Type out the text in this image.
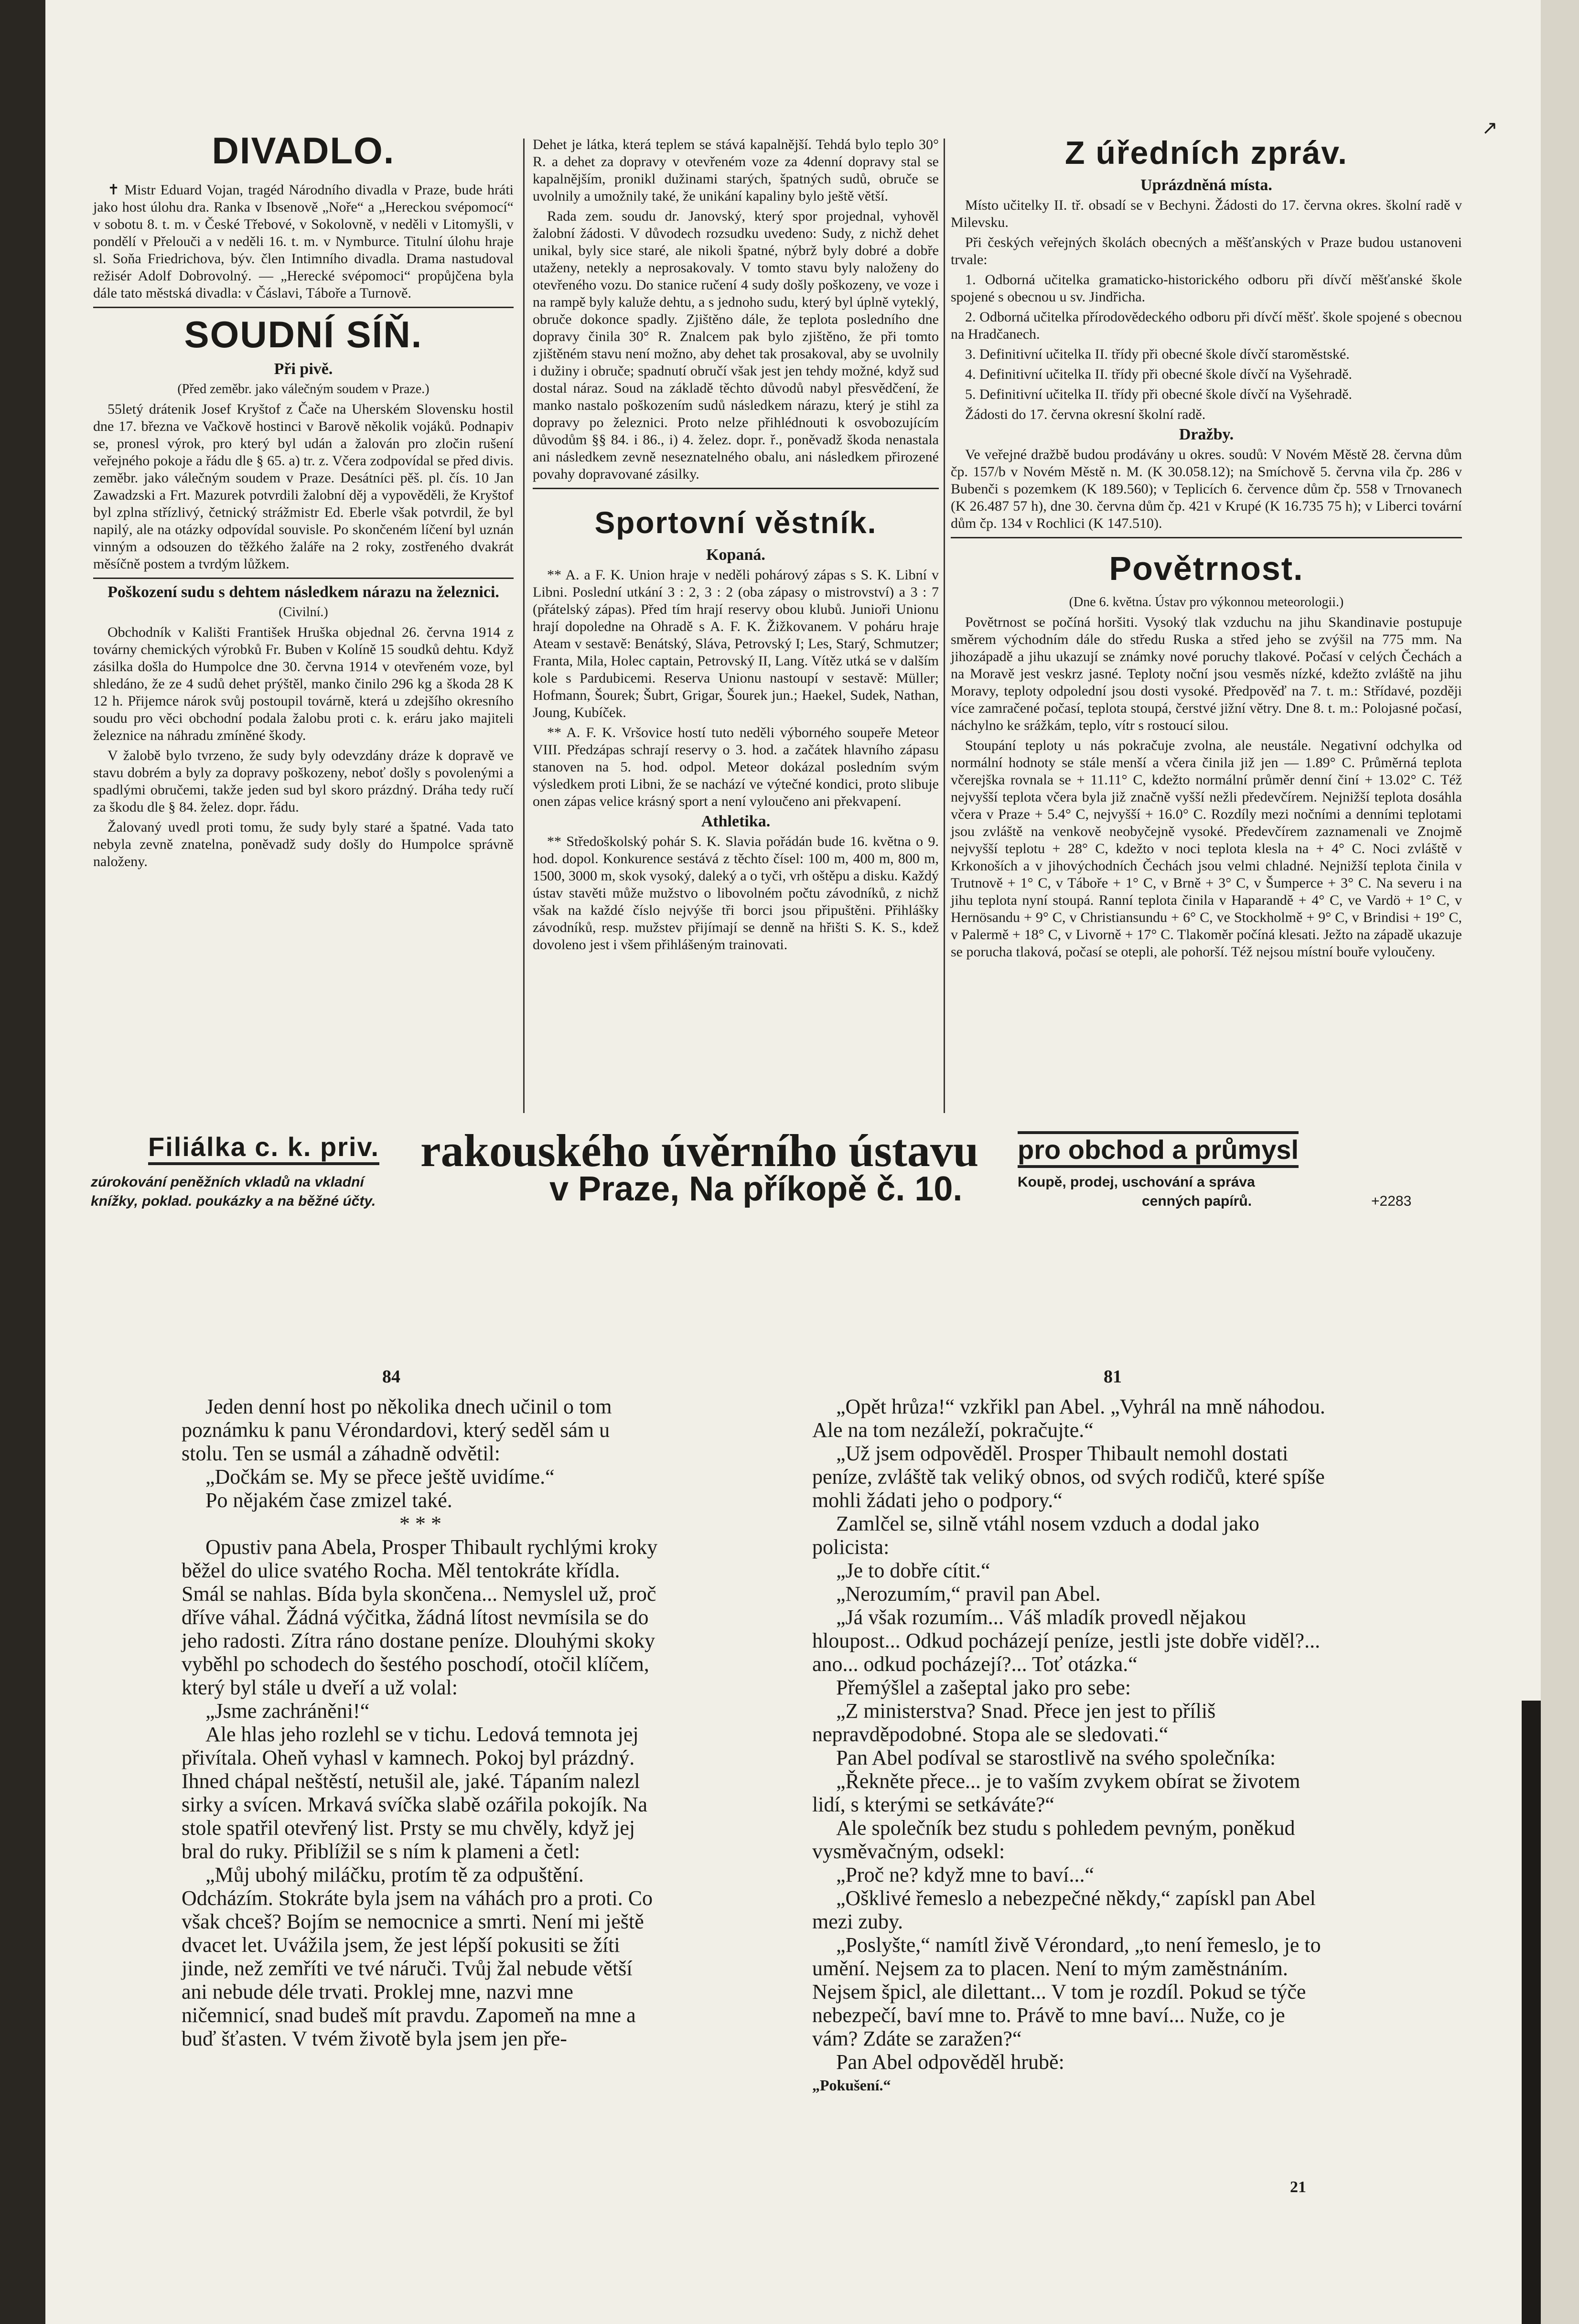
↗
DIVADLO.

✝ Mistr Eduard Vojan, tragéd Národního divadla v Praze, bude hráti jako host úlohu dra. Ranka v Ibsenově „Noře“ a „Hereckou svépomocí“ v sobotu 8. t. m. v České Třebové, v Sokolovně, v neděli v Litomyšli, v pondělí v Přelouči a v neděli 16. t. m. v Nymburce. Titulní úlohu hraje sl. Soňa Friedrichova, býv. člen Intimního divadla. Drama nastudoval režisér Adolf Dobrovolný. — „Herecké svépomoci“ propůjčena byla dále tato městská divadla: v Čáslavi, Táboře a Turnově.

SOUDNÍ SÍŇ.

Při pivě.

(Před zeměbr. jako válečným soudem v Praze.)

55letý drátenik Josef Kryštof z Čače na Uherském Slovensku hostil dne 17. března ve Vačkově hostinci v Barově několik vojáků. Podnapiv se, pronesl výrok, pro který byl udán a žalován pro zločin rušení veřejného pokoje a řádu dle § 65. a) tr. z. Včera zodpovídal se před divis. zeměbr. jako válečným soudem v Praze. Desátníci pěš. pl. čís. 10 Jan Zawadzski a Frt. Mazurek potvrdili žalobní děj a vypověděli, že Kryštof byl zplna střízlivý, četnický strážmistr Ed. Eberle však potvrdil, že byl napilý, ale na otázky odpovídal souvisle. Po skončeném líčení byl uznán vinným a odsouzen do těžkého žaláře na 2 roky, zostřeného dvakrát měsíčně postem a tvrdým lůžkem.

Poškození sudu s dehtem následkem nárazu na železnici.

(Civilní.)

Obchodník v Kališti František Hruška objednal 26. června 1914 z továrny chemických výrobků Fr. Buben v Kolíně 15 soudků dehtu. Když zásilka došla do Humpolce dne 30. června 1914 v otevřeném voze, byl shledáno, že ze 4 sudů dehet prýštěl, manko činilo 296 kg a škoda 28 K 12 h. Přijemce nárok svůj postoupil továrně, která u zdejšího okresního soudu pro věci obchodní podala žalobu proti c. k. eráru jako majiteli železnice na náhradu zmíněné škody.

V žalobě bylo tvrzeno, že sudy byly odevzdány dráze k dopravě ve stavu dobrém a byly za dopravy poškozeny, neboť došly s povolenými a spadlými obručemi, takže jeden sud byl skoro prázdný. Dráha tedy ručí za škodu dle § 84. želez. dopr. řádu.

Žalovaný uvedl proti tomu, že sudy byly staré a špatné. Vada tato nebyla zevně znatelna, poněvadž sudy došly do Humpolce správně naloženy.

Dehet je látka, která teplem se stává kapalnější. Tehdá bylo teplo 30° R. a dehet za dopravy v otevřeném voze za 4denní dopravy stal se kapalnějším, pronikl dužinami starých, špatných sudů, obruče se uvolnily a umožnily také, že unikání kapaliny bylo ještě větší.

Rada zem. soudu dr. Janovský, který spor projednal, vyhověl žalobní žádosti. V důvodech rozsudku uvedeno: Sudy, z nichž dehet unikal, byly sice staré, ale nikoli špatné, nýbrž byly dobré a dobře utaženy, netekly a neprosakovaly. V tomto stavu byly naloženy do otevřeného vozu. Do stanice ručení 4 sudy došly poškozeny, ve voze i na rampě byly kaluže dehtu, a s jednoho sudu, který byl úplně vyteklý, obruče dokonce spadly. Zjištěno dále, že teplota posledního dne dopravy činila 30° R. Znalcem pak bylo zjištěno, že při tomto zjištěném stavu není možno, aby dehet tak prosakoval, aby se uvolnily i dužiny i obruče; spadnutí obručí však jest jen tehdy možné, když sud dostal náraz. Soud na základě těchto důvodů nabyl přesvědčení, že manko nastalo poškozením sudů následkem nárazu, který je stihl za dopravy po železnici. Proto nelze přihlédnouti k osvobozujícím důvodům §§ 84. i 86., i) 4. želez. dopr. ř., poněvadž škoda nenastala ani následkem zevně neseznatelného obalu, ani následkem přirozené povahy dopravované zásilky.

Sportovní věstník.

Kopaná.

** A. a F. K. Union hraje v neděli pohárový zápas s S. K. Libní v Libni. Poslední utkání 3 : 2, 3 : 2 (oba zápasy o mistrovství) a 3 : 7 (přátelský zápas). Před tím hrají reservy obou klubů. Junioři Unionu hrají dopoledne na Ohradě s A. F. K. Žižkovanem. V poháru hraje Ateam v sestavě: Benátský, Sláva, Petrovský I; Les, Starý, Schmutzer; Franta, Mila, Holec captain, Petrovský II, Lang. Vítěz utká se v dalším kole s Pardubicemi. Reserva Unionu nastoupí v sestavě: Müller; Hofmann, Šourek; Šubrt, Grigar, Šourek jun.; Haekel, Sudek, Nathan, Joung, Kubíček.

** A. F. K. Vršovice hostí tuto neděli výborného soupeře Meteor VIII. Předzápas schrají reservy o 3. hod. a začátek hlavního zápasu stanoven na 5. hod. odpol. Meteor dokázal posledním svým výsledkem proti Libni, že se nachází ve výtečné kondici, proto slibuje onen zápas velice krásný sport a není vyloučeno ani překvapení.

Athletika.

** Středoškolský pohár S. K. Slavia pořádán bude 16. května o 9. hod. dopol. Konkurence sestává z těchto čísel: 100 m, 400 m, 800 m, 1500, 3000 m, skok vysoký, daleký a o tyči, vrh oštěpu a disku. Každý ústav stavěti může mužstvo o libovolném počtu závodníků, z nichž však na každé číslo nejvýše tři borci jsou připuštěni. Přihlášky závodníků, resp. mužstev přijímají se denně na hřišti S. K. S., kdež dovoleno jest i všem přihlášeným trainovati.

Z úředních zpráv.

Uprázdněná místa.

Místo učitelky II. tř. obsadí se v Bechyni. Žádosti do 17. června okres. školní radě v Milevsku.

Při českých veřejných školách obecných a měšťanských v Praze budou ustanoveni trvale:

1. Odborná učitelka gramaticko-historického odboru při dívčí měšťanské škole spojené s obecnou u sv. Jindřicha.

2. Odborná učitelka přírodovědeckého odboru při dívčí měšť. škole spojené s obecnou na Hradčanech.

3. Definitivní učitelka II. třídy při obecné škole dívčí staroměstské.

4. Definitivní učitelka II. třídy při obecné škole dívčí na Vyšehradě.

5. Definitivní učitelka II. třídy při obecné škole dívčí na Vyšehradě.

Žádosti do 17. června okresní školní radě.

Dražby.

Ve veřejné dražbě budou prodávány u okres. soudů: V Novém Městě 28. června dům čp. 157/b v Novém Městě n. M. (K 30.058.12); na Smíchově 5. června vila čp. 286 v Bubenči s pozemkem (K 189.560); v Teplicích 6. července dům čp. 558 v Trnovanech (K 26.487 57 h), dne 30. června dům čp. 421 v Krupé (K 16.735 75 h); v Liberci tovární dům čp. 134 v Rochlici (K 147.510).

Povětrnost.

(Dne 6. května. Ústav pro výkonnou meteorologii.)

Povětrnost se počíná horšiti. Vysoký tlak vzduchu na jihu Skandinavie postupuje směrem východním dále do středu Ruska a střed jeho se zvýšil na 775 mm. Na jihozápadě a jihu ukazují se známky nové poruchy tlakové. Počasí v celých Čechách a na Moravě jest veskrz jasné. Teploty noční jsou vesměs nízké, kdežto zvláště na jihu Moravy, teploty odpolední jsou dosti vysoké. Předpověď na 7. t. m.: Střídavé, později více zamračené počasí, teplota stoupá, čerstvé jižní větry. Dne 8. t. m.: Polojasné počasí, náchylno ke srážkám, teplo, vítr s rostoucí silou.

Stoupání teploty u nás pokračuje zvolna, ale neustále. Negativní odchylka od normální hodnoty se stále menší a včera činila již jen — 1.89° C. Průměrná teplota včerejška rovnala se + 11.11° C, kdežto normální průměr denní činí + 13.02° C. Též nejvyšší teplota včera byla již značně vyšší nežli předevčírem. Nejnižší teplota dosáhla včera v Praze + 5.4° C, nejvyšší + 16.0° C. Rozdíly mezi nočními a denními teplotami jsou zvláště na venkově neobyčejně vysoké. Předevčírem zaznamenali ve Znojmě nejvyšší teplotu + 28° C, kdežto v noci teplota klesla na + 4° C. Noci zvláště v Krkonoších a v jihovýchodních Čechách jsou velmi chladné. Nejnižší teplota činila v Trutnově + 1° C, v Táboře + 1° C, v Brně + 3° C, v Šumperce + 3° C. Na severu i na jihu teplota nyní stoupá. Ranní teplota činila v Haparandě + 4° C, ve Vardö + 1° C, v Hernösandu + 9° C, v Christiansundu + 6° C, ve Stockholmě + 9° C, v Brindisi + 19° C, v Palermě + 18° C, v Livorně + 17° C. Tlakoměr počíná klesati. Ježto na západě ukazuje se porucha tlaková, počasí se otepli, ale pohorší. Též nejsou místní bouře vyloučeny.

Filiálka c. k. priv. rakouského úvěrního ústavu pro obchod a průmysl
zúrokování peněžních vkladů na vkladní
knížky, poklad. poukázky a na běžné účty.	v Praze, Na příkopě č. 10.	Koupě, prodej, uschování a správa
cenných papírů.	+2283
84

Jeden denní host po několika dnech učinil o tom poznámku k panu Vérondardovi, který seděl sám u stolu. Ten se usmál a záhadně odvětil:

„Dočkám se. My se přece ještě uvidíme.“

Po nějakém čase zmizel také.

* * *

Opustiv pana Abela, Prosper Thibault rychlými kroky běžel do ulice svatého Rocha. Měl tentokráte křídla. Smál se nahlas. Bída byla skončena... Nemyslel už, proč dříve váhal. Žádná výčitka, žádná lítost nevmísila se do jeho radosti. Zítra ráno dostane peníze. Dlouhými skoky vyběhl po schodech do šestého poschodí, otočil klíčem, který byl stále u dveří a už volal:

„Jsme zachráněni!“

Ale hlas jeho rozlehl se v tichu. Ledová temnota jej přivítala. Oheň vyhasl v kamnech. Pokoj byl prázdný. Ihned chápal neštěstí, netušil ale, jaké. Tápaním nalezl sirky a svícen. Mrkavá svíčka slabě ozářila pokojík. Na stole spatřil otevřený list. Prsty se mu chvěly, když jej bral do ruky. Přiblížil se s ním k plameni a četl:

„Můj ubohý miláčku, protím tě za odpuštění. Odcházím. Stokráte byla jsem na váhách pro a proti. Co však chceš? Bojím se nemocnice a smrti. Není mi ještě dvacet let. Uvážila jsem, že jest lépší pokusiti se žíti jinde, než zemříti ve tvé náruči. Tvůj žal nebude větší ani nebude déle trvati. Proklej mne, nazvi mne ničemnicí, snad budeš mít pravdu. Zapomeň na mne a buď šťasten. V tvém životě byla jsem jen pře-

81

„Opět hrůza!“ vzkřikl pan Abel. „Vyhrál na mně náhodou. Ale na tom nezáleží, pokračujte.“

„Už jsem odpověděl. Prosper Thibault nemohl dostati peníze, zvláště tak veliký obnos, od svých rodičů, které spíše mohli žádati jeho o podpory.“

Zamlčel se, silně vtáhl nosem vzduch a dodal jako policista:

„Je to dobře cítit.“

„Nerozumím,“ pravil pan Abel.

„Já však rozumím... Váš mladík provedl nějakou hloupost... Odkud pocházejí peníze, jestli jste dobře viděl?... ano... odkud pocházejí?... Toť otázka.“

Přemýšlel a zašeptal jako pro sebe:

„Z ministerstva? Snad. Přece jen jest to příliš nepravděpodobné. Stopa ale se sledovati.“

Pan Abel podíval se starostlivě na svého společníka:

„Řekněte přece... je to vaším zvykem obírat se životem lidí, s kterými se setkáváte?“

Ale společník bez studu s pohledem pevným, poněkud vysměvačným, odsekl:

„Proč ne? když mne to baví...“

„Ošklivé řemeslo a nebezpečné někdy,“ zapískl pan Abel mezi zuby.

„Poslyšte,“ namítl živě Vérondard, „to není řemeslo, je to umění. Nejsem za to placen. Není to mým zaměstnáním. Nejsem špicl, ale dilettant... V tom je rozdíl. Pokud se týče nebezpečí, baví mne to. Právě to mne baví... Nuže, co je vám? Zdáte se zaražen?“

Pan Abel odpověděl hrubě:

„Pokušení.“

21
